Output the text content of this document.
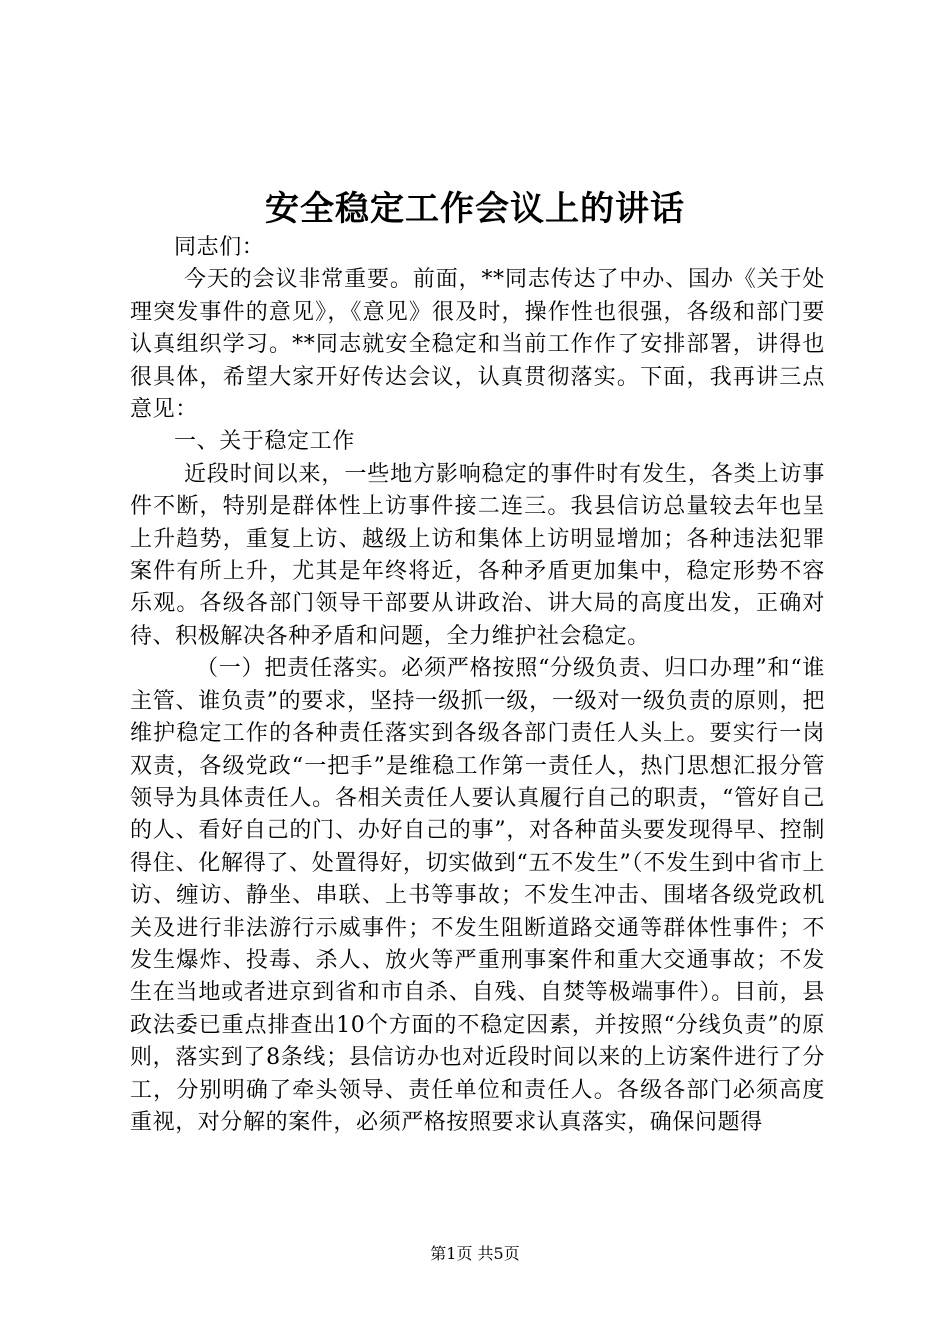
安全稳定工作会议上的讲话

同志们：

今天的会议非常重要。前面，**同志传达了中办、国办《关于处理突发事件的意见》，《意见》很及时，操作性也很强，各级和部门要认真组织学习。**同志就安全稳定和当前工作作了安排部署，讲得也很具体，希望大家开好传达会议，认真贯彻落实。下面，我再讲三点意见：

一、关于稳定工作

近段时间以来，一些地方影响稳定的事件时有发生，各类上访事件不断，特别是群体性上访事件接二连三。我县信访总量较去年也呈上升趋势，重复上访、越级上访和集体上访明显增加；各种违法犯罪案件有所上升，尤其是年终将近，各种矛盾更加集中，稳定形势不容乐观。各级各部门领导干部要从讲政治、讲大局的高度出发，正确对待、积极解决各种矛盾和问题，全力维护社会稳定。

（一）把责任落实。必须严格按照“分级负责、归口办理”和“谁主管、谁负责”的要求，坚持一级抓一级，一级对一级负责的原则，把维护稳定工作的各种责任落实到各级各部门责任人头上。要实行一岗双责，各级党政“一把手”是维稳工作第一责任人，热门思想汇报分管领导为具体责任人。各相关责任人要认真履行自己的职责，“管好自己的人、看好自己的门、办好自己的事”，对各种苗头要发现得早、控制得住、化解得了、处置得好，切实做到“五不发生”（不发生到中省市上访、缠访、静坐、串联、上书等事故；不发生冲击、围堵各级党政机关及进行非法游行示威事件；不发生阻断道路交通等群体性事件；不发生爆炸、投毒、杀人、放火等严重刑事案件和重大交通事故；不发生在当地或者进京到省和市自杀、自残、自焚等极端事件）。目前，县政法委已重点排查出10个方面的不稳定因素，并按照“分线负责”的原则，落实到了8条线；县信访办也对近段时间以来的上访案件进行了分工，分别明确了牵头领导、责任单位和责任人。各级各部门必须高度重视，对分解的案件，必须严格按照要求认真落实，确保问题得

第1页 共5页
